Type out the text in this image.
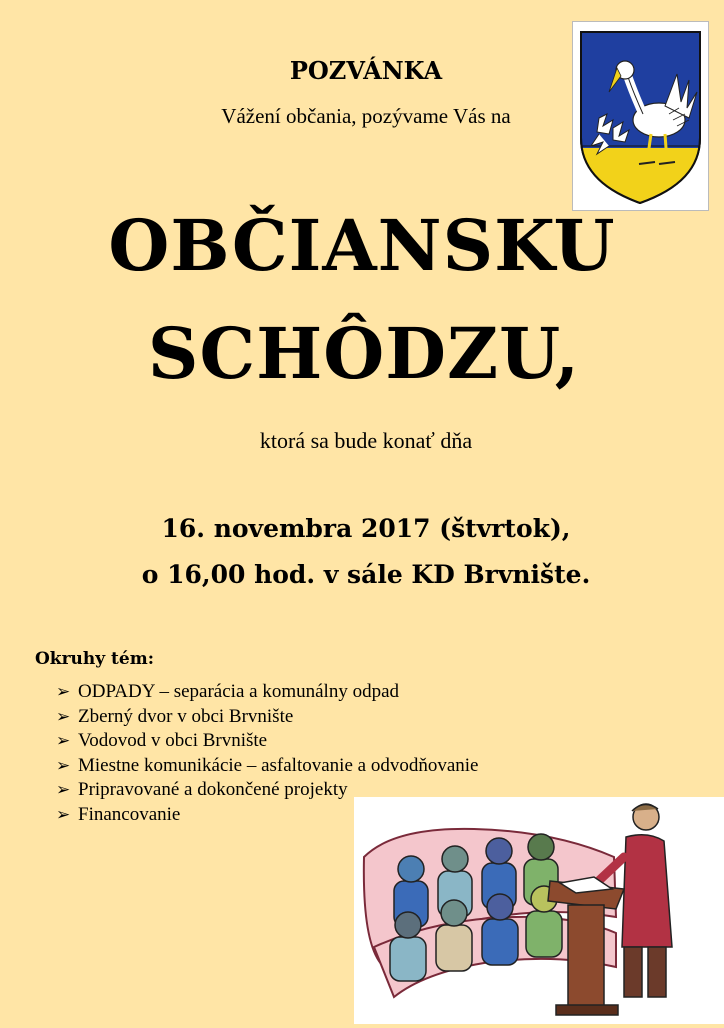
POZVÁNKA
Vážení občania, pozývame Vás na
OBČIANSKU
SCHÔDZU,
ktorá sa bude konať dňa
16. novembra 2017 (štvrtok),
o 16,00 hod. v sále KD Brvnište.
Okruhy tém:
➢ ODPADY – separácia a komunálny odpad
➢ Zberný dvor v obci Brvnište
➢ Vodovod v obci Brvnište
➢ Miestne komunikácie – asfaltovanie a odvodňovanie
➢ Pripravované a dokončené projekty
➢ Financovanie
